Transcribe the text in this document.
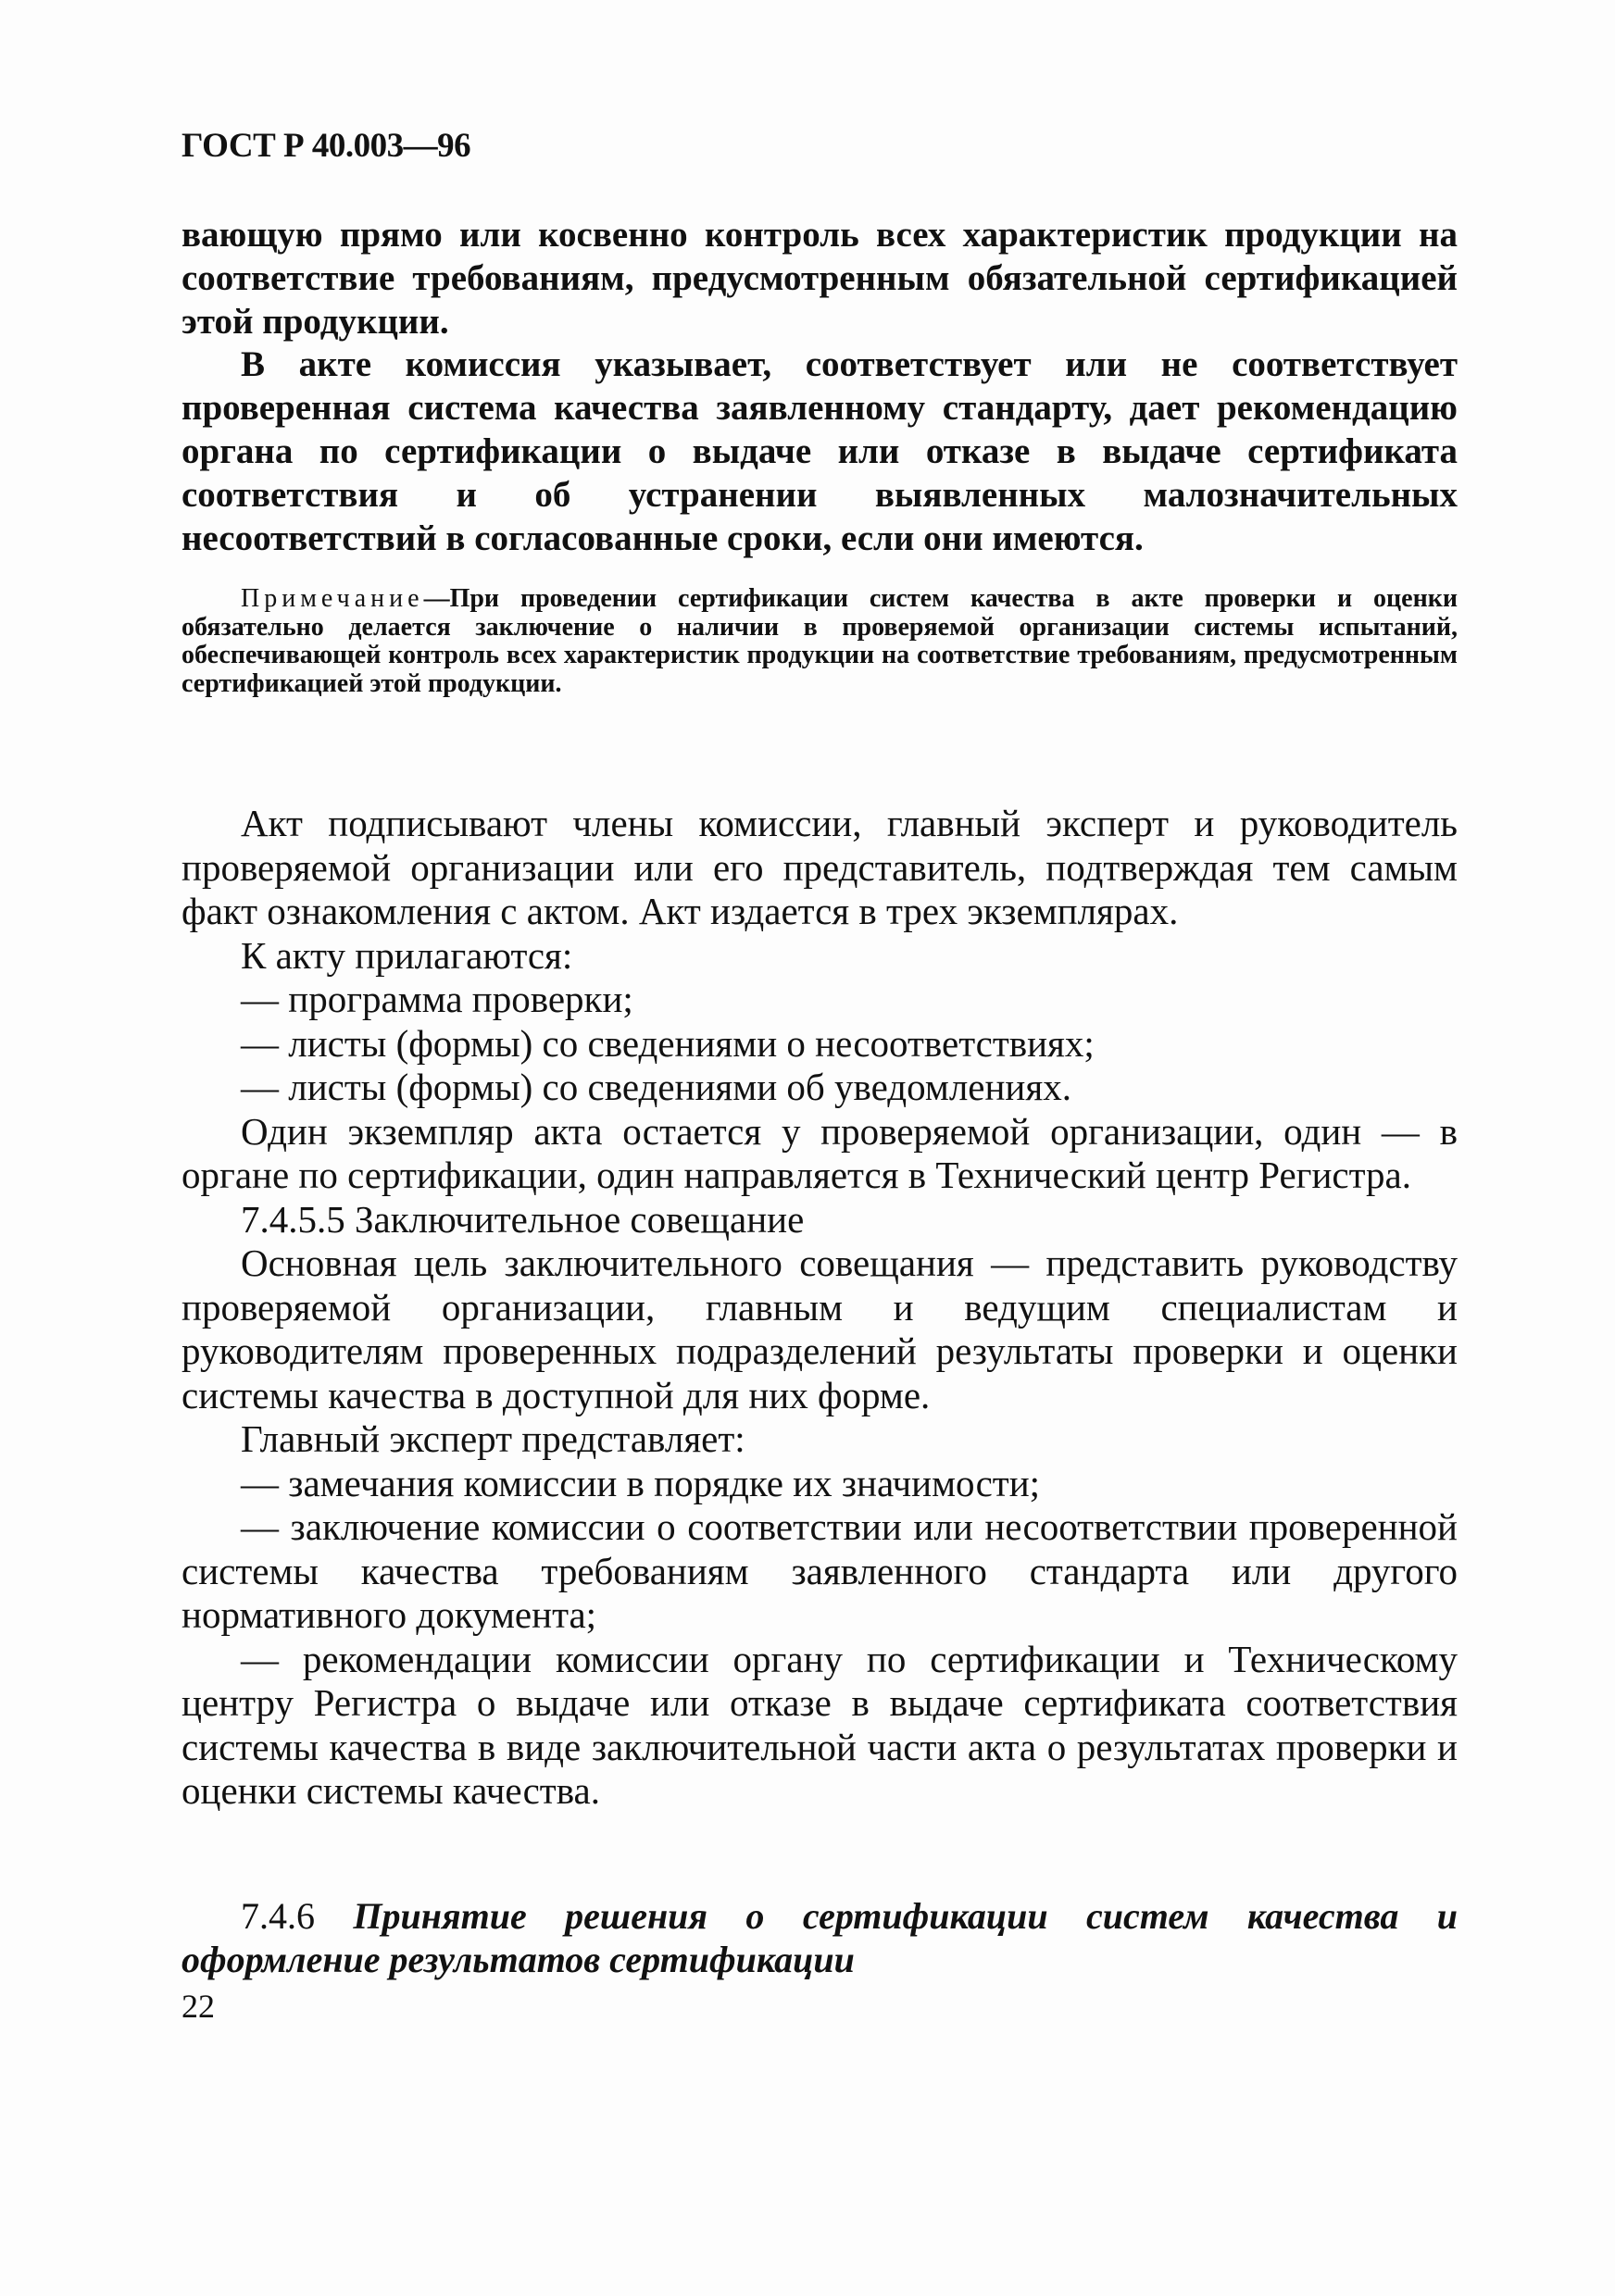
ГОСТ Р 40.003—96

вающую прямо или косвенно контроль всех характеристик продукции на соответствие требованиям, предусмотренным обязательной сертификацией этой продукции.

В акте комиссия указывает, соответствует или не соответствует проверенная система качества заявленному стандарту, дает рекомендацию органа по сертификации о выдаче или отказе в выдаче сертификата соответствия и об устранении выявленных малозначительных несоответствий в согласованные сроки, если они имеются.

Примечание—При проведении сертификации систем качества в акте проверки и оценки обязательно делается заключение о наличии в проверяемой организации системы испытаний, обеспечивающей контроль всех характеристик продукции на соответствие требованиям, предусмотренным сертификацией этой продукции.

Акт подписывают члены комиссии, главный эксперт и руководитель проверяемой организации или его представитель, подтверждая тем самым факт ознакомления с актом. Акт издается в трех экземплярах.

К акту прилагаются:

— программа проверки;

— листы (формы) со сведениями о несоответствиях;

— листы (формы) со сведениями об уведомлениях.

Один экземпляр акта остается у проверяемой организации, один — в органе по сертификации, один направляется в Технический центр Регистра.

7.4.5.5 Заключительное совещание

Основная цель заключительного совещания — представить руководству проверяемой организации, главным и ведущим специалистам и руководителям проверенных подразделений результаты проверки и оценки системы качества в доступной для них форме.

Главный эксперт представляет:

— замечания комиссии в порядке их значимости;

— заключение комиссии о соответствии или несоответствии проверенной системы качества требованиям заявленного стандарта или другого нормативного документа;

— рекомендации комиссии органу по сертификации и Техническому центру Регистра о выдаче или отказе в выдаче сертификата соответствия системы качества в виде заключительной части акта о результатах проверки и оценки системы качества.

7.4.6 Принятие решения о сертификации систем качества и оформление результатов сертификации
22
